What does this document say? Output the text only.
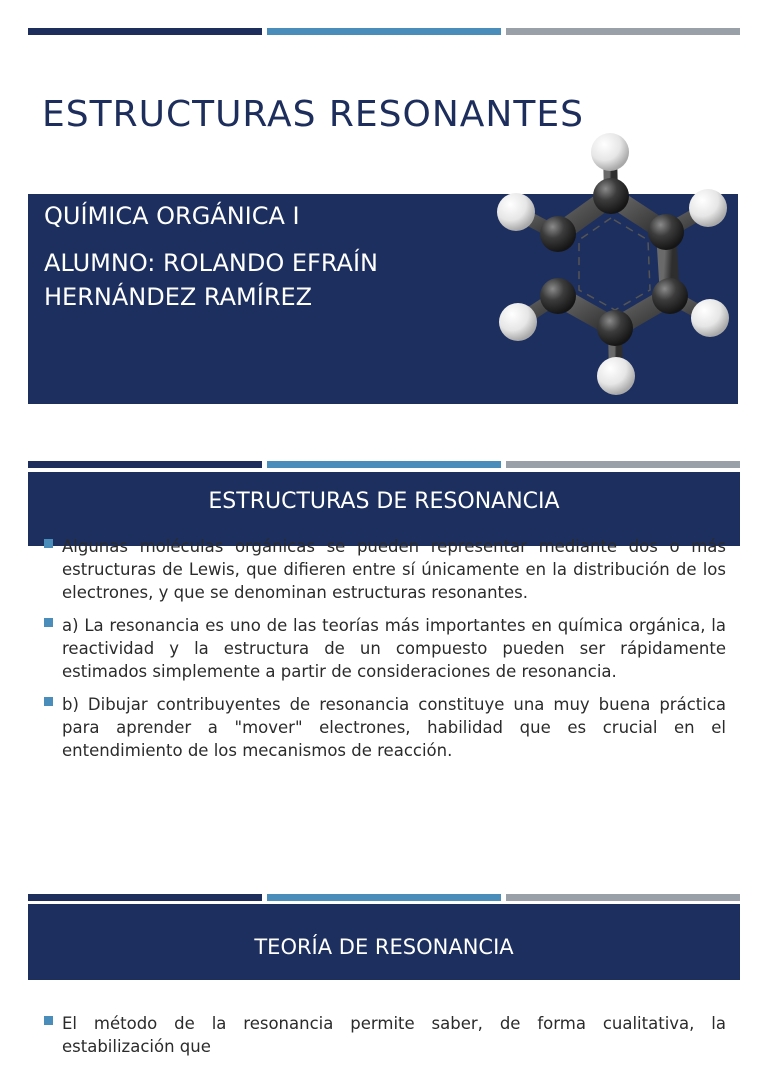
ESTRUCTURAS RESONANTES
QUÍMICA ORGÁNICA I
ALUMNO: ROLANDO EFRAÍN HERNÁNDEZ RAMÍREZ
ESTRUCTURAS DE RESONANCIA
Algunas moléculas orgánicas se pueden representar mediante dos o más estructuras de Lewis, que difieren entre sí únicamente en la distribución de los electrones, y que se denominan estructuras resonantes.
a) La resonancia es uno de las teorías más importantes en química orgánica, la reactividad y la estructura de un compuesto pueden ser rápidamente estimados simplemente a partir de consideraciones de resonancia.
b) Dibujar contribuyentes de resonancia constituye una muy buena práctica para aprender a "mover" electrones, habilidad que es crucial en el entendimiento de los mecanismos de reacción.
TEORÍA DE RESONANCIA
El método de la resonancia permite saber, de forma cualitativa, la estabilización que
